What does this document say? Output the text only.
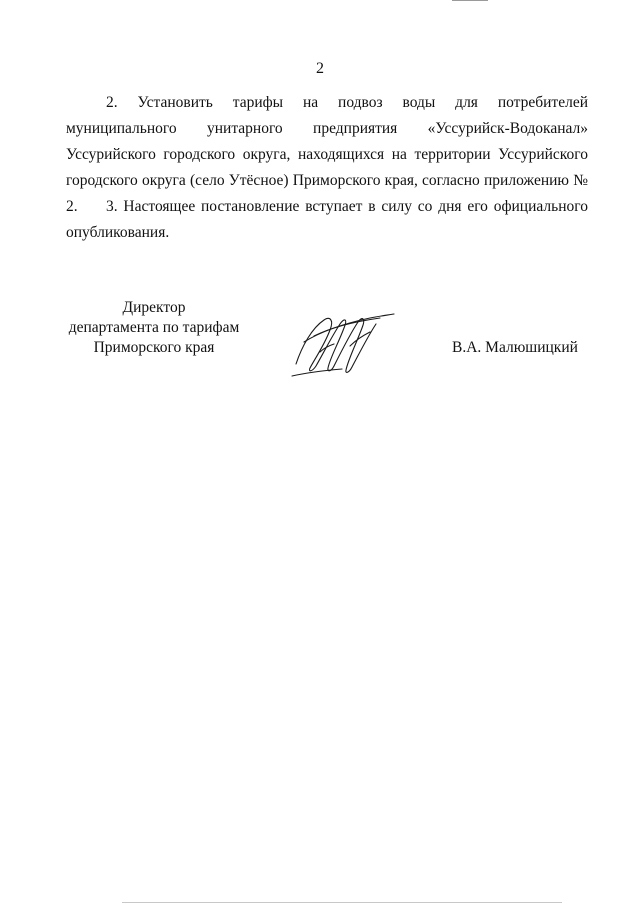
2

2. Установить тарифы на подвоз воды для потребителей муниципального унитарного предприятия «Уссурийск-Водоканал» Уссурийского городского округа, находящихся на территории Уссурийского городского округа (село Утёсное) Приморского края, согласно приложению № 2.	3. Настоящее постановление вступает в силу со дня его официального опубликования.

Директор
департамента по тарифам
Приморского края	В.А. Малюшицкий
